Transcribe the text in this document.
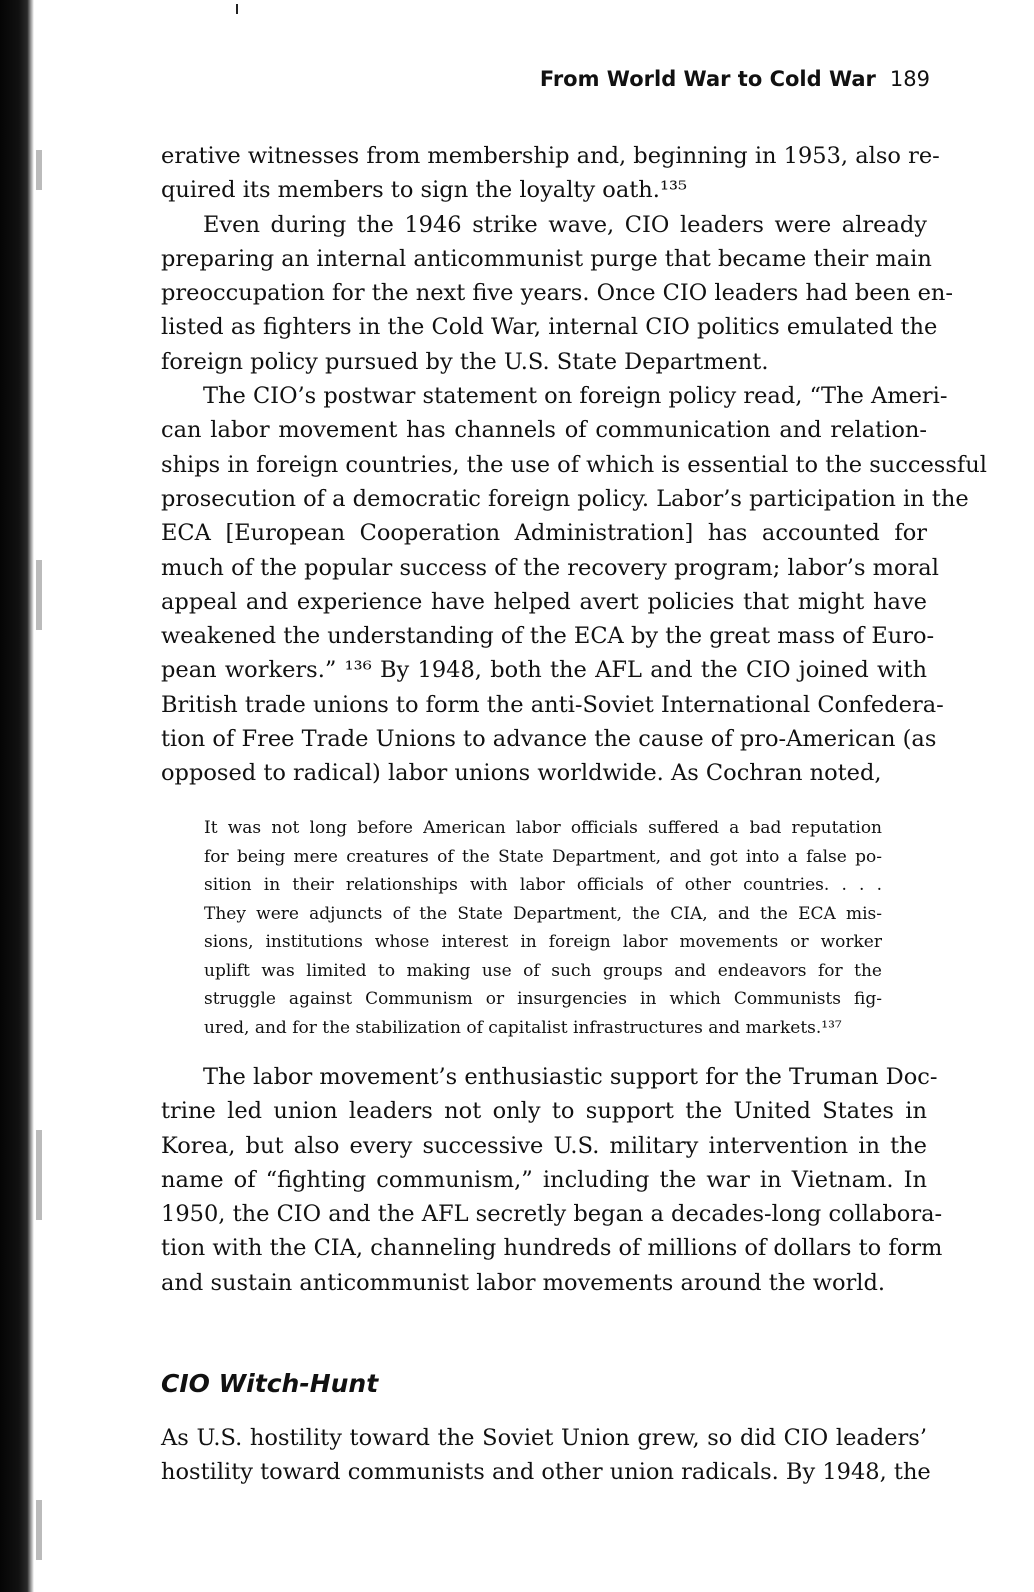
From World War to Cold War 189
erative witnesses from membership and, beginning in 1953, also re-
quired its members to sign the loyalty oath.¹³⁵
Even during the 1946 strike wave, CIO leaders were already
preparing an internal anticommunist purge that became their main
preoccupation for the next five years. Once CIO leaders had been en-
listed as fighters in the Cold War, internal CIO politics emulated the
foreign policy pursued by the U.S. State Department.
The CIO’s postwar statement on foreign policy read, “The Ameri-
can labor movement has channels of communication and relation-
ships in foreign countries, the use of which is essential to the successful
prosecution of a democratic foreign policy. Labor’s participation in the
ECA [European Cooperation Administration] has accounted for
much of the popular success of the recovery program; labor’s moral
appeal and experience have helped avert policies that might have
weakened the understanding of the ECA by the great mass of Euro-
pean workers.” ¹³⁶ By 1948, both the AFL and the CIO joined with
British trade unions to form the anti-Soviet International Confedera-
tion of Free Trade Unions to advance the cause of pro-American (as
opposed to radical) labor unions worldwide. As Cochran noted,
It was not long before American labor officials suffered a bad reputation
for being mere creatures of the State Department, and got into a false po-
sition in their relationships with labor officials of other countries. . . .
They were adjuncts of the State Department, the CIA, and the ECA mis-
sions, institutions whose interest in foreign labor movements or worker
uplift was limited to making use of such groups and endeavors for the
struggle against Communism or insurgencies in which Communists fig-
ured, and for the stabilization of capitalist infrastructures and markets.¹³⁷
The labor movement’s enthusiastic support for the Truman Doc-
trine led union leaders not only to support the United States in
Korea, but also every successive U.S. military intervention in the
name of “fighting communism,” including the war in Vietnam. In
1950, the CIO and the AFL secretly began a decades-long collabora-
tion with the CIA, channeling hundreds of millions of dollars to form
and sustain anticommunist labor movements around the world.
CIO Witch-Hunt
As U.S. hostility toward the Soviet Union grew, so did CIO leaders’
hostility toward communists and other union radicals. By 1948, the
